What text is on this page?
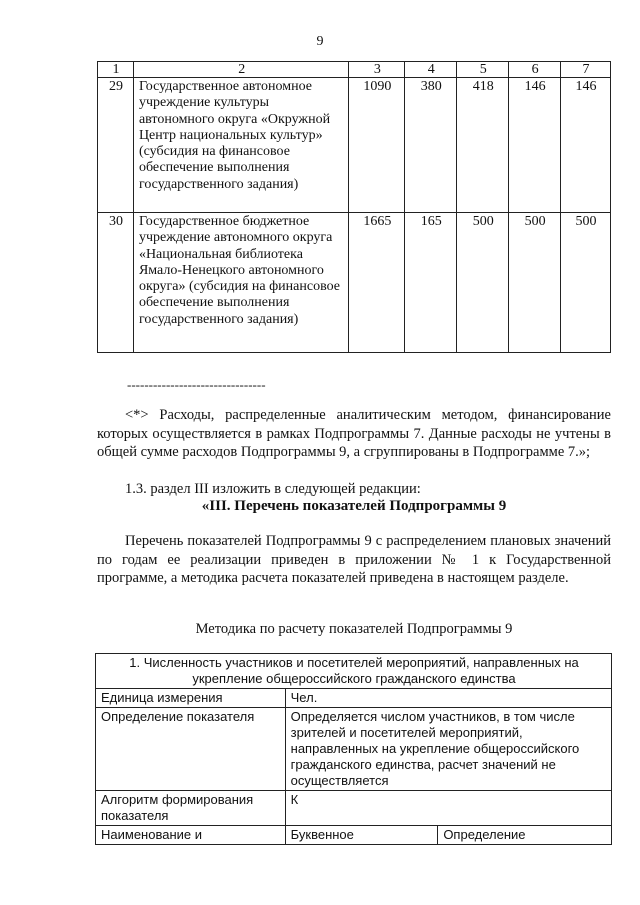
9
1	2	3	4	5	6	7
29	Государственное автономное учреждение культуры автономного округа «Окружной Центр национальных культур» (субсидия на финансовое обеспечение выполнения государственного задания)	1090	380	418	146	146
30	Государственное бюджетное учреждение автономного округа «Национальная библиотека Ямало-Ненецкого автономного округа» (субсидия на финансовое обеспечение выполнения государственного задания)	1665	165	500	500	500
--------------------------------

<*> Расходы, распределенные аналитическим методом, финансирование которых осуществляется в рамках Подпрограммы 7. Данные расходы не учтены в общей сумме расходов Подпрограммы 9, а сгруппированы в Подпрограмме 7.»;

1.3. раздел III изложить в следующей редакции:

«III. Перечень показателей Подпрограммы 9

Перечень показателей Подпрограммы 9 с распределением плановых значений по годам ее реализации приведен в приложении № 1 к Государственной программе, а методика расчета показателей приведена в настоящем разделе.

Методика по расчету показателей Подпрограммы 9
1. Численность участников и посетителей мероприятий, направленных на укрепление общероссийского гражданского единства		
Единица измерения	Чел.	
Определение показателя	Определяется числом участников, в том числе зрителей и посетителей мероприятий, направленных на укрепление общероссийского гражданского единства, расчет значений не осуществляется	
Алгоритм формирования показателя	К	
Наименование и	Буквенное	Определение
